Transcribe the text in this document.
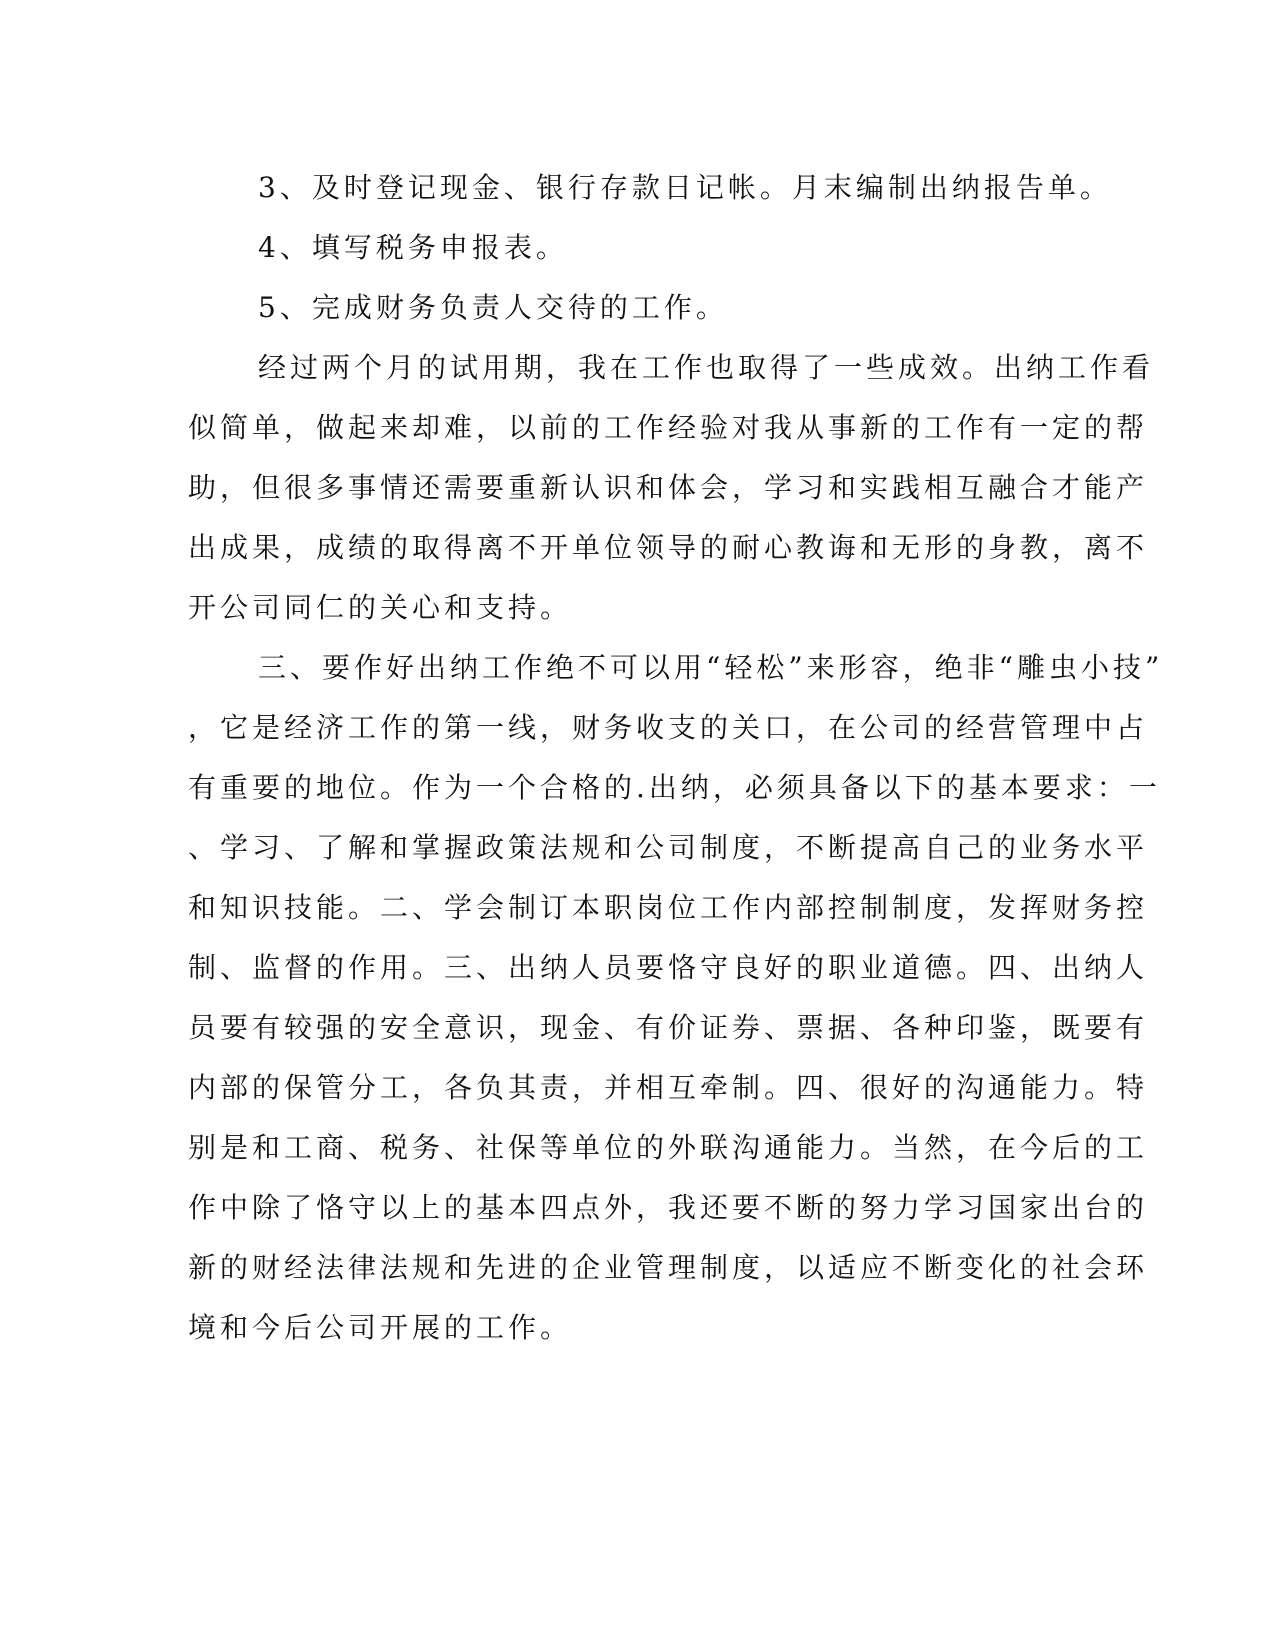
3、及时登记现金、银行存款日记帐。月末编制出纳报告单。
4、填写税务申报表。
5、完成财务负责人交待的工作。
经过两个月的试用期，我在工作也取得了一些成效。出纳工作看
似简单，做起来却难，以前的工作经验对我从事新的工作有一定的帮
助，但很多事情还需要重新认识和体会，学习和实践相互融合才能产
出成果，成绩的取得离不开单位领导的耐心教诲和无形的身教，离不
开公司同仁的关心和支持。
三、要作好出纳工作绝不可以用“轻松”来形容，绝非“雕虫小技”
，它是经济工作的第一线，财务收支的关口，在公司的经营管理中占
有重要的地位。作为一个合格的.出纳，必须具备以下的基本要求：一
、学习、了解和掌握政策法规和公司制度，不断提高自己的业务水平
和知识技能。二、学会制订本职岗位工作内部控制制度，发挥财务控
制、监督的作用。三、出纳人员要恪守良好的职业道德。四、出纳人
员要有较强的安全意识，现金、有价证券、票据、各种印鉴，既要有
内部的保管分工，各负其责，并相互牵制。四、很好的沟通能力。特
别是和工商、税务、社保等单位的外联沟通能力。当然，在今后的工
作中除了恪守以上的基本四点外，我还要不断的努力学习国家出台的
新的财经法律法规和先进的企业管理制度，以适应不断变化的社会环
境和今后公司开展的工作。
